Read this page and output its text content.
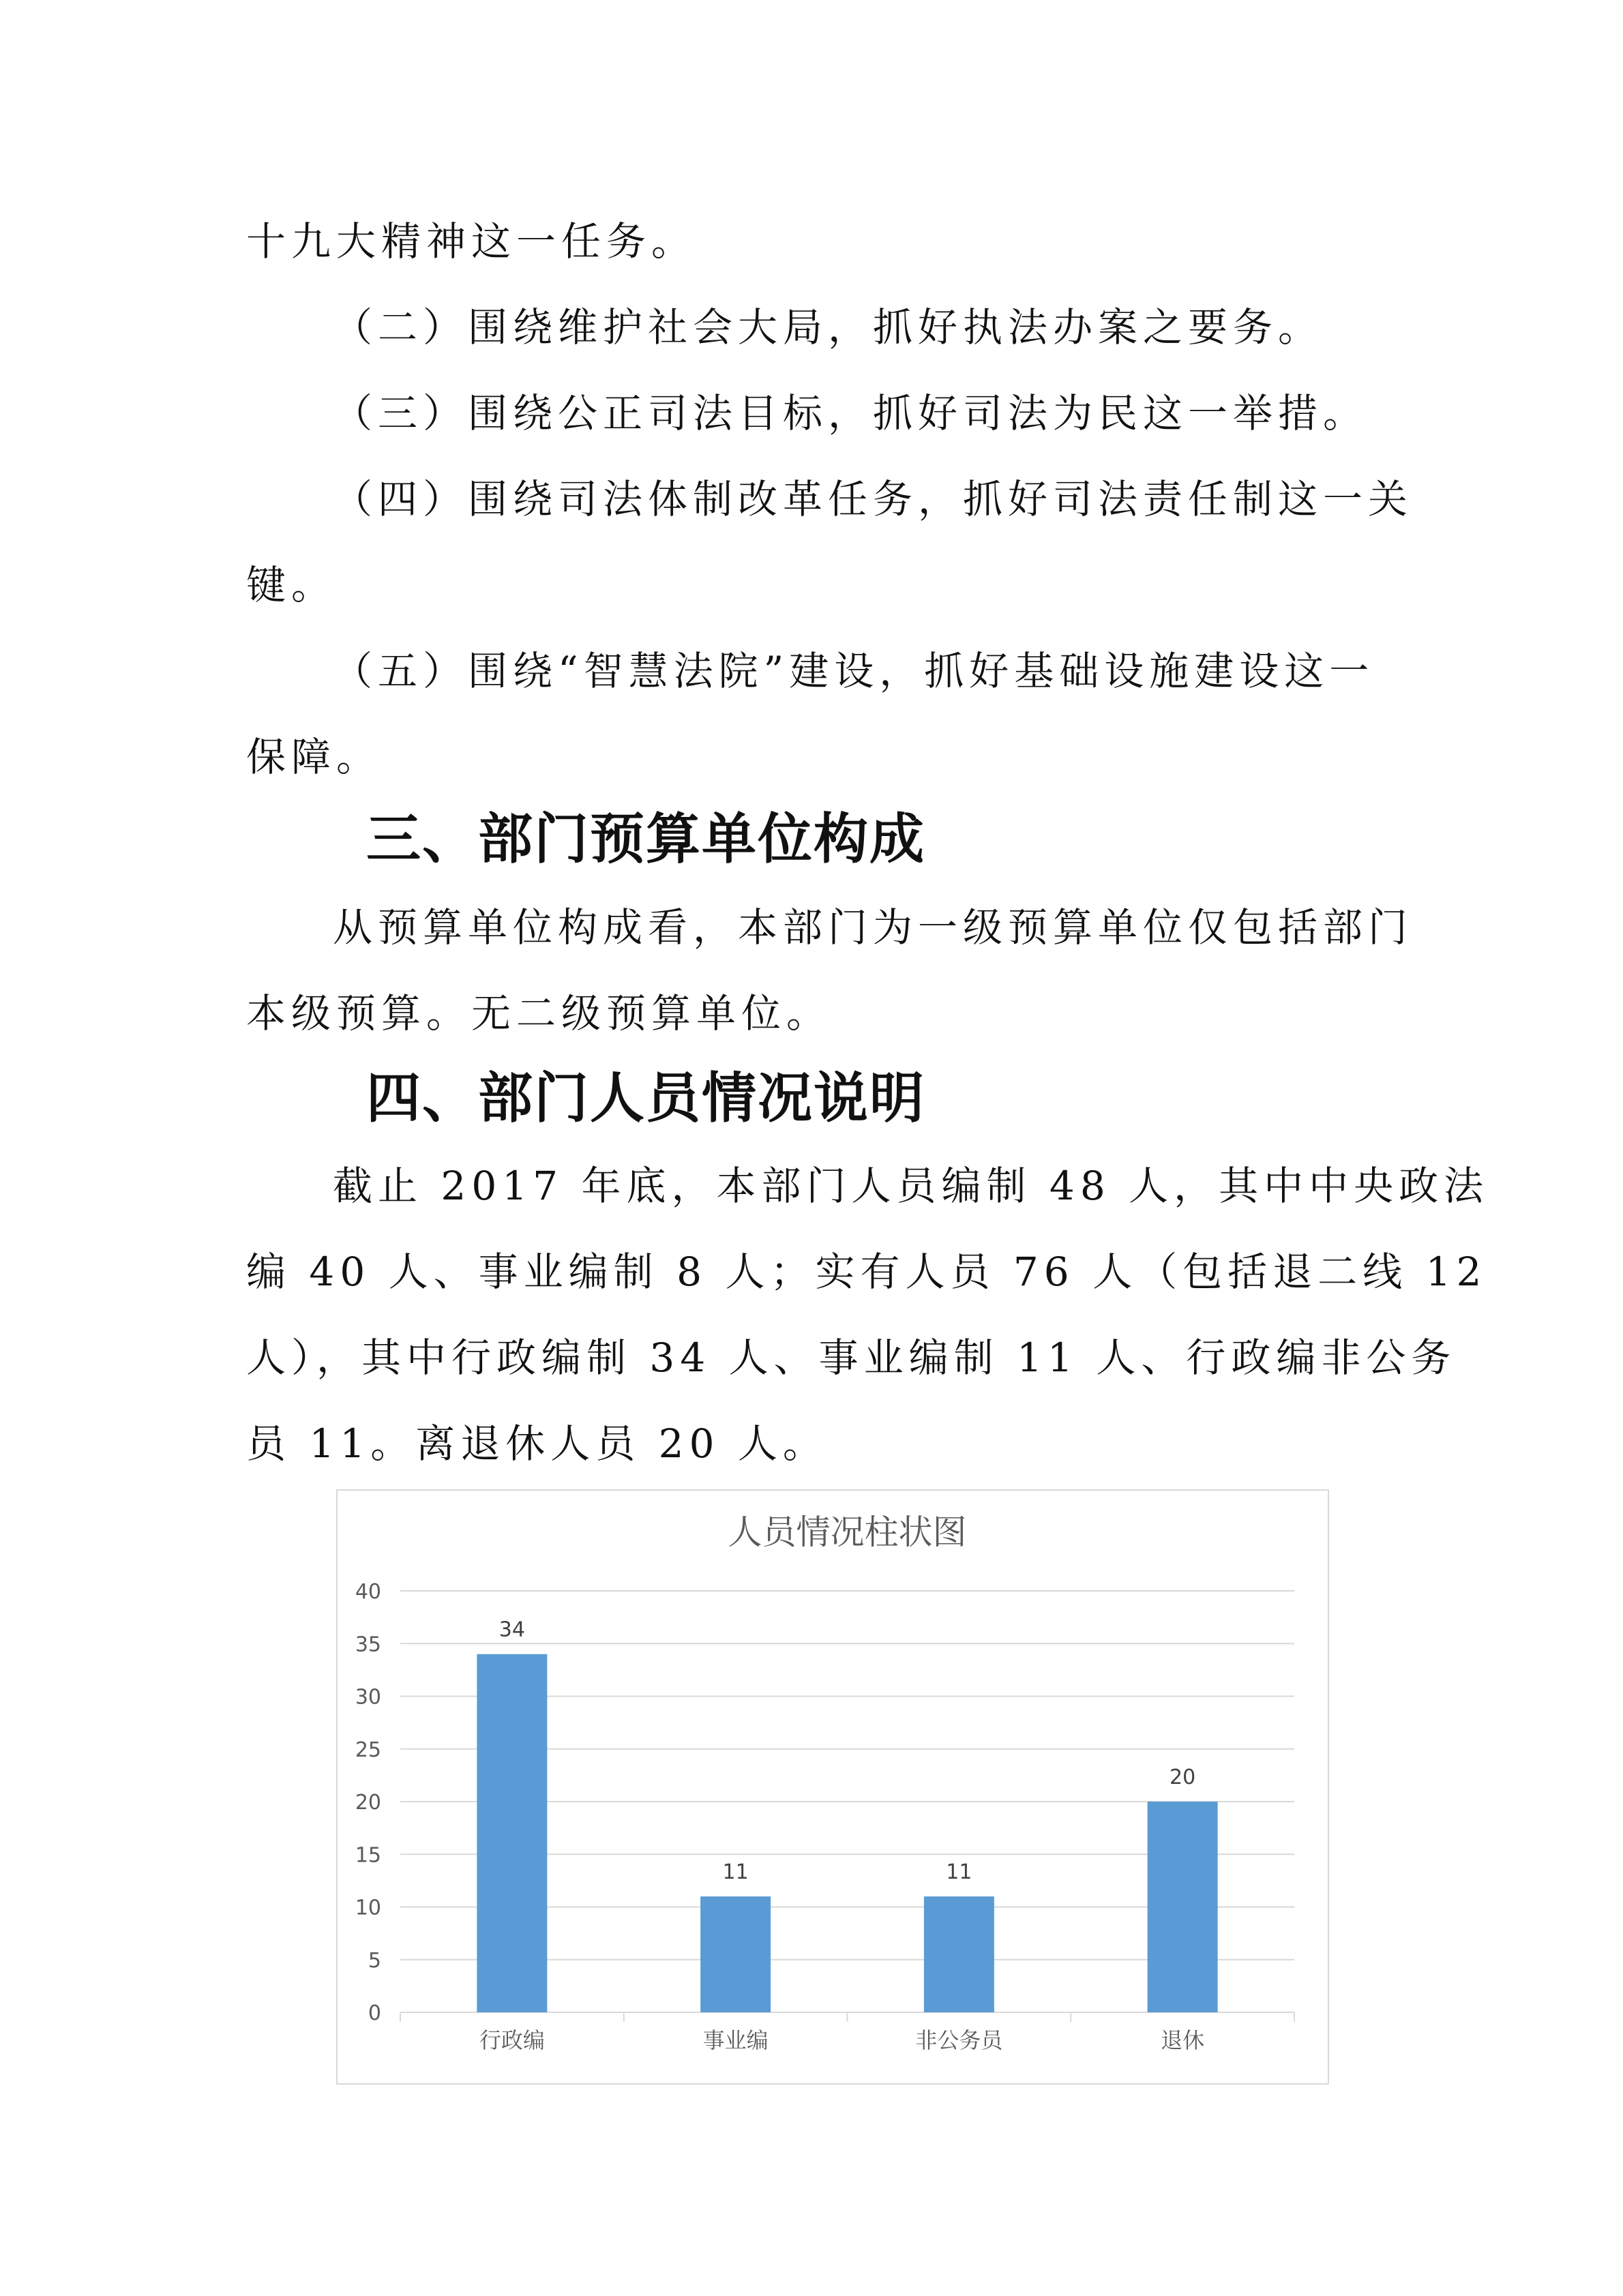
十九大精神这一任务。
（二）围绕维护社会大局，抓好执法办案之要务。
（三）围绕公正司法目标，抓好司法为民这一举措。
（四）围绕司法体制改革任务，抓好司法责任制这一关
键。
（五）围绕“智慧法院”建设，抓好基础设施建设这一
保障。
三、部门预算单位构成
从预算单位构成看，本部门为一级预算单位仅包括部门
本级预算。无二级预算单位。
四、部门人员情况说明
截止 2017 年底，本部门人员编制 48 人，其中中央政法
编 40 人、事业编制 8 人；实有人员 76 人（包括退二线 12
人），其中行政编制 34 人、事业编制 11 人、行政编非公务
员 11。离退休人员 20 人。
人员情况柱状图
0
5
10
15
20
25
30
35
40
34
行政编
11
事业编
11
非公务员
20
退休
